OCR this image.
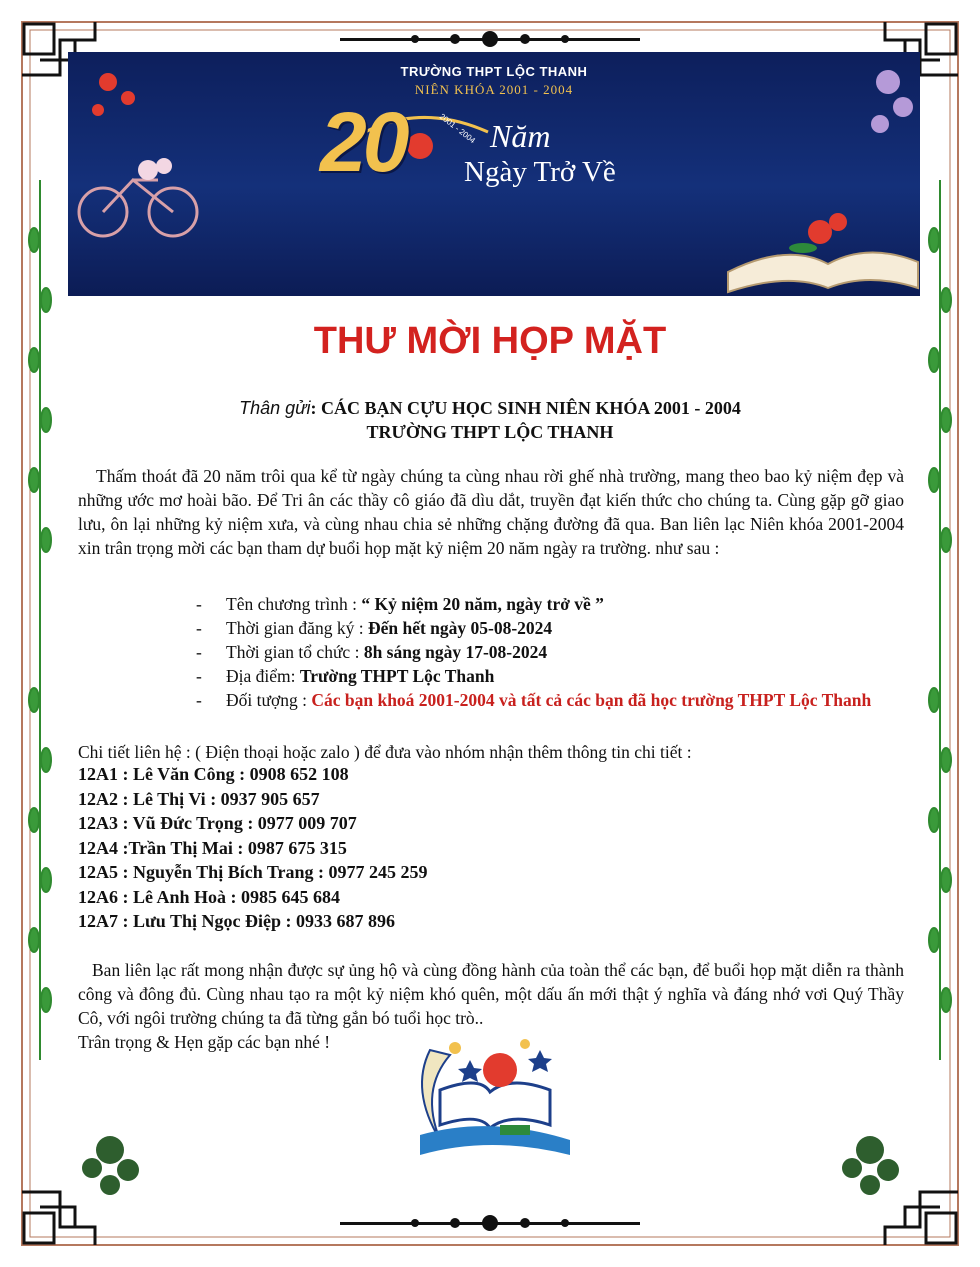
TRƯỜNG THPT LỘC THANH
NIÊN KHÓA 2001 - 2004
20	2001 - 2004 Năm
Ngày Trở Về
THƯ MỜI HỌP MẶT
Thân gửi: CÁC BẠN CỰU HỌC SINH NIÊN KHÓA 2001 - 2004
TRƯỜNG THPT LỘC THANH
Thấm thoát đã 20 năm trôi qua kể từ ngày chúng ta cùng nhau rời ghế nhà trường, mang theo bao kỷ niệm đẹp và những ước mơ hoài bão. Để Tri ân các thầy cô giáo đã dìu dắt, truyền đạt kiến thức cho chúng ta. Cùng gặp gỡ giao lưu, ôn lại những kỷ niệm xưa, và cùng nhau chia sẻ những chặng đường đã qua. Ban liên lạc Niên khóa 2001-2004 xin trân trọng mời các bạn tham dự buổi họp mặt kỷ niệm 20 năm ngày ra trường. như sau :
- Tên chương trình : “ Kỷ niệm 20 năm, ngày trở về ”
- Thời gian đăng ký : Đến hết ngày 05-08-2024
- Thời gian tổ chức : 8h sáng ngày 17-08-2024
- Địa điểm: Trường THPT Lộc Thanh
- Đối tượng : Các bạn khoá 2001-2004 và tất cả các bạn đã học trường THPT Lộc Thanh
Chi tiết liên hệ : ( Điện thoại hoặc zalo ) để đưa vào nhóm nhận thêm thông tin chi tiết :
12A1 : Lê Văn Công : 0908 652 108
12A2 : Lê Thị Vi : 0937 905 657
12A3 : Vũ Đức Trọng : 0977 009 707
12A4 :Trần Thị Mai : 0987 675 315
12A5 : Nguyễn Thị Bích Trang : 0977 245 259
12A6 : Lê Anh Hoà : 0985 645 684
12A7 : Lưu Thị Ngọc Điệp : 0933 687 896
Ban liên lạc rất mong nhận được sự ủng hộ và cùng đồng hành của toàn thể các bạn, để buổi họp mặt diễn ra thành công và đông đủ. Cùng nhau tạo ra một kỷ niệm khó quên, một dấu ấn mới thật ý nghĩa và đáng nhớ vơi Quý Thầy Cô, với ngôi trường chúng ta đã từng gắn bó tuổi học trò..
Trân trọng & Hẹn gặp các bạn nhé !
